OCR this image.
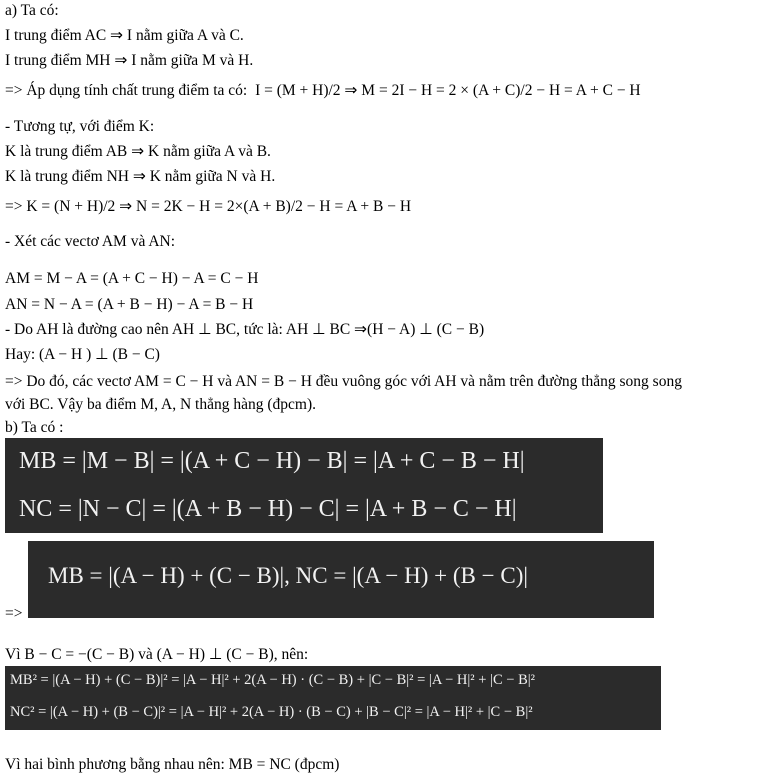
a) Ta có:
I trung điểm AC ⇒ I nằm giữa A và C.
I trung điểm MH ⇒ I nằm giữa M và H.
=> Áp dụng tính chất trung điểm ta có: I = (M + H)/2 ⇒ M = 2I − H = 2 × (A + C)/2 − H = A + C − H
- Tương tự, với điểm K:
K là trung điểm AB ⇒ K nằm giữa A và B.
K là trung điểm NH ⇒ K nằm giữa N và H.
=> K = (N + H)/2 ⇒ N = 2K − H = 2×(A + B)/2 − H = A + B − H
- Xét các vectơ AM và AN:
AM = M − A = (A + C − H) − A = C − H
AN = N − A = (A + B − H) − A = B − H
- Do AH là đường cao nên AH ⊥ BC, tức là: AH ⊥ BC ⇒(H − A) ⊥ (C − B)
Hay: (A − H ) ⊥ (B − C)
=> Do đó, các vectơ AM = C − H và AN = B − H đều vuông góc với AH và nằm trên đường thẳng song song
với BC. Vậy ba điểm M, A, N thẳng hàng (đpcm).
b) Ta có :
MB = |M − B| = |(A + C − H) − B| = |A + C − B − H|
NC = |N − C| = |(A + B − H) − C| = |A + B − C − H|
=>
MB = |(A − H) + (C − B)|, NC = |(A − H) + (B − C)|
Vì B − C = −(C − B) và (A − H) ⊥ (C − B), nên:
MB² = |(A − H) + (C − B)|² = |A − H|² + 2(A − H) · (C − B) + |C − B|² = |A − H|² + |C − B|²
NC² = |(A − H) + (B − C)|² = |A − H|² + 2(A − H) · (B − C) + |B − C|² = |A − H|² + |C − B|²
Vì hai bình phương bằng nhau nên: MB = NC (đpcm)
